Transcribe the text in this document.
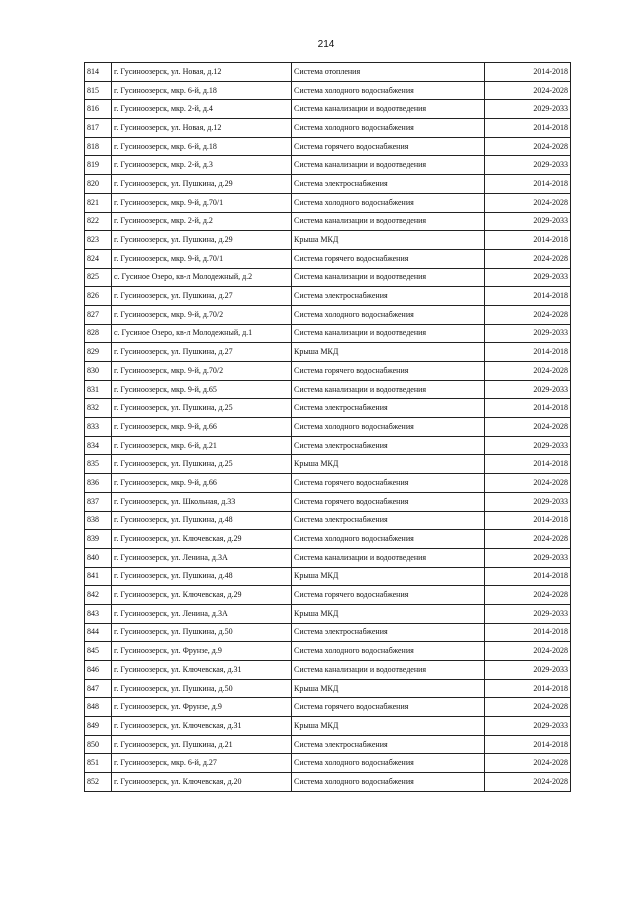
214
814	г. Гусиноозерск, ул. Новая, д.12	Система отопления	2014-2018
815	г. Гусиноозерск, мкр. 6-й, д.18	Система холодного водоснабжения	2024-2028
816	г. Гусиноозерск, мкр. 2-й, д.4	Система канализации и водоотведения	2029-2033
817	г. Гусиноозерск, ул. Новая, д.12	Система холодного водоснабжения	2014-2018
818	г. Гусиноозерск, мкр. 6-й, д.18	Система горячего водоснабжения	2024-2028
819	г. Гусиноозерск, мкр. 2-й, д.3	Система канализации и водоотведения	2029-2033
820	г. Гусиноозерск, ул. Пушкина, д.29	Система электроснабжения	2014-2018
821	г. Гусиноозерск, мкр. 9-й, д.70/1	Система холодного водоснабжения	2024-2028
822	г. Гусиноозерск, мкр. 2-й, д.2	Система канализации и водоотведения	2029-2033
823	г. Гусиноозерск, ул. Пушкина, д.29	Крыша МКД	2014-2018
824	г. Гусиноозерск, мкр. 9-й, д.70/1	Система горячего водоснабжения	2024-2028
825	с. Гусиное Озеро, кв-л Молодежный, д.2	Система канализации и водоотведения	2029-2033
826	г. Гусиноозерск, ул. Пушкина, д.27	Система электроснабжения	2014-2018
827	г. Гусиноозерск, мкр. 9-й, д.70/2	Система холодного водоснабжения	2024-2028
828	с. Гусиное Озеро, кв-л Молодежный, д.1	Система канализации и водоотведения	2029-2033
829	г. Гусиноозерск, ул. Пушкина, д.27	Крыша МКД	2014-2018
830	г. Гусиноозерск, мкр. 9-й, д.70/2	Система горячего водоснабжения	2024-2028
831	г. Гусиноозерск, мкр. 9-й, д.65	Система канализации и водоотведения	2029-2033
832	г. Гусиноозерск, ул. Пушкина, д.25	Система электроснабжения	2014-2018
833	г. Гусиноозерск, мкр. 9-й, д.66	Система холодного водоснабжения	2024-2028
834	г. Гусиноозерск, мкр. 6-й, д.21	Система электроснабжения	2029-2033
835	г. Гусиноозерск, ул. Пушкина, д.25	Крыша МКД	2014-2018
836	г. Гусиноозерск, мкр. 9-й, д.66	Система горячего водоснабжения	2024-2028
837	г. Гусиноозерск, ул. Школьная, д.33	Система горячего водоснабжения	2029-2033
838	г. Гусиноозерск, ул. Пушкина, д.48	Система электроснабжения	2014-2018
839	г. Гусиноозерск, ул. Ключевская, д.29	Система холодного водоснабжения	2024-2028
840	г. Гусиноозерск, ул. Ленина, д.3А	Система канализации и водоотведения	2029-2033
841	г. Гусиноозерск, ул. Пушкина, д.48	Крыша МКД	2014-2018
842	г. Гусиноозерск, ул. Ключевская, д.29	Система горячего водоснабжения	2024-2028
843	г. Гусиноозерск, ул. Ленина, д.3А	Крыша МКД	2029-2033
844	г. Гусиноозерск, ул. Пушкина, д.50	Система электроснабжения	2014-2018
845	г. Гусиноозерск, ул. Фрунзе, д.9	Система холодного водоснабжения	2024-2028
846	г. Гусиноозерск, ул. Ключевская, д.31	Система канализации и водоотведения	2029-2033
847	г. Гусиноозерск, ул. Пушкина, д.50	Крыша МКД	2014-2018
848	г. Гусиноозерск, ул. Фрунзе, д.9	Система горячего водоснабжения	2024-2028
849	г. Гусиноозерск, ул. Ключевская, д.31	Крыша МКД	2029-2033
850	г. Гусиноозерск, ул. Пушкина, д.21	Система электроснабжения	2014-2018
851	г. Гусиноозерск, мкр. 6-й, д.27	Система холодного водоснабжения	2024-2028
852	г. Гусиноозерск, ул. Ключевская, д.20	Система холодного водоснабжения	2024-2028
